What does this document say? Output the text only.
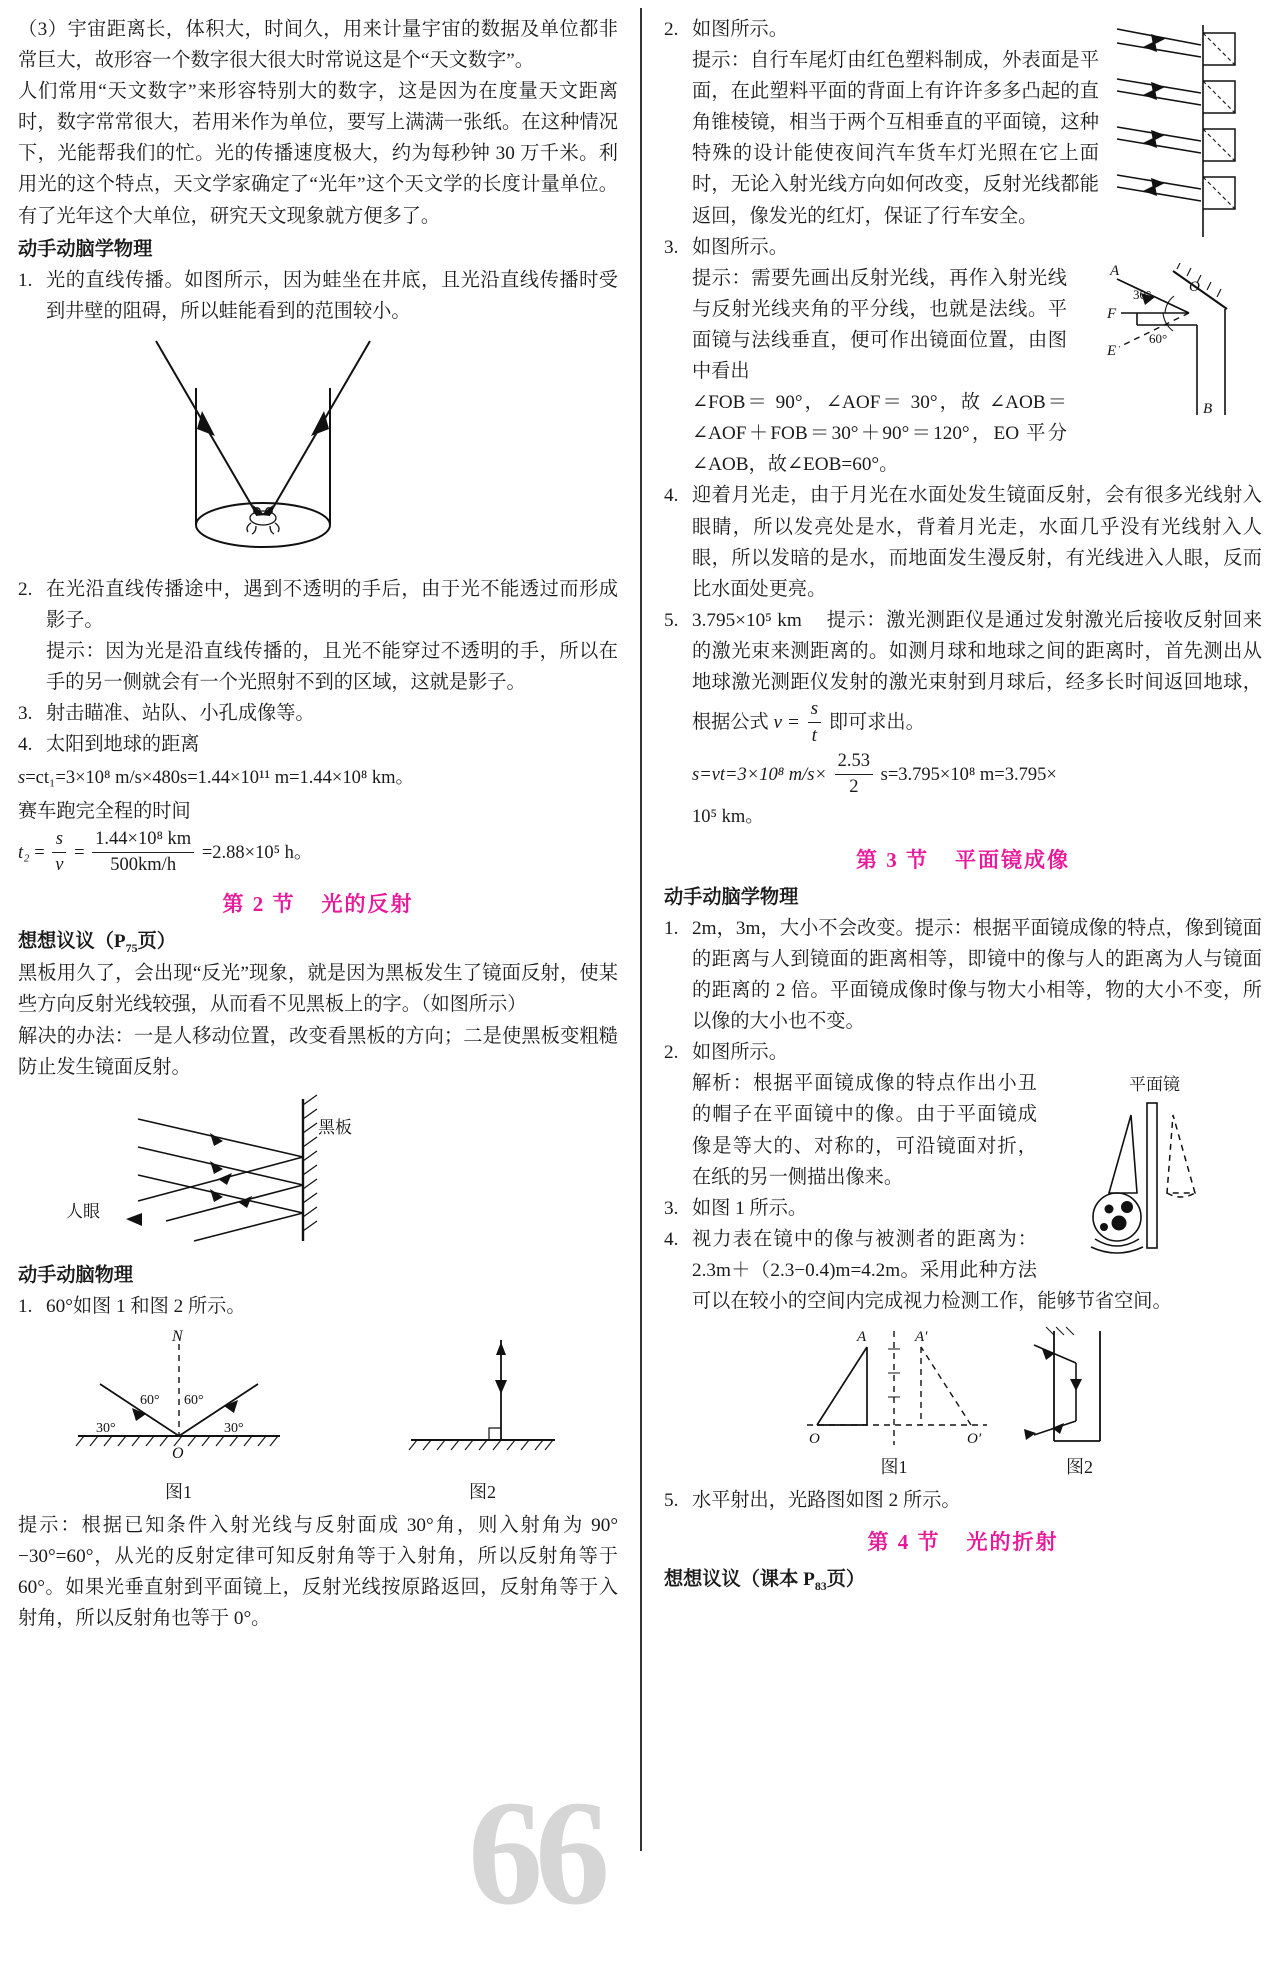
66

（3）宇宙距离长，体积大，时间久，用来计量宇宙的数据及单位都非常巨大，故形容一个数字很大很大时常说这是个“天文数字”。

人们常用“天文数字”来形容特别大的数字，这是因为在度量天文距离时，数字常常很大，若用米作为单位，要写上满满一张纸。在这种情况下，光能帮我们的忙。光的传播速度极大，约为每秒钟 30 万千米。利用光的这个特点，天文学家确定了“光年”这个天文学的长度计量单位。有了光年这个大单位，研究天文现象就方便多了。

动手动脑学物理

1. 光的直线传播。如图所示，因为蛙坐在井底，且光沿直线传播时受到井壁的阻碍，所以蛙能看到的范围较小。

2. 在光沿直线传播途中，遇到不透明的手后，由于光不能透过而形成影子。

提示：因为光是沿直线传播的，且光不能穿过不透明的手，所以在手的另一侧就会有一个光照射不到的区域，这就是影子。

3. 射击瞄准、站队、小孔成像等。

4. 太阳到地球的距离

s=ct₁=3×10⁸ m/s×480s=1.44×10¹¹ m=1.44×10⁸ km。

赛车跑完全程的时间

$t_2 = \frac{s}{v} = \frac{\text{1.44×10⁸ km}}{500km/h} =2.88\times 10^5$ h。
第 2 节 光的反射

想想议议（$P_{75}$页）

黑板用久了，会出现“反光”现象，就是因为黑板发生了镜面反射，使某些方向反射光线较强，从而看不见黑板上的字。（如图所示）

解决的办法：一是人移动位置，改变看黑板的方向；二是使黑板变粗糙防止发生镜面反射。

黑板
人眼

动手动脑物理

1. 60°如图 1 和图 2 所示。

N
O
60° 60°
30°	30°
图1	图2

提示：根据已知条件入射光线与反射面成 30°角，则入射角为 90°−30°=60°，从光的反射定律可知反射角等于入射角，所以反射角等于 60°。如果光垂直射到平面镜上，反射光线按原路返回，反射角等于入射角，所以反射角也等于 0°。

2. 如图所示。

提示：自行车尾灯由红色塑料制成，外表面是平面，在此塑料平面的背面上有许许多多凸起的直角锥棱镜，相当于两个互相垂直的平面镜，这种特殊的设计能使夜间汽车货车灯光照在它上面时，无论入射光线方向如何改变，反射光线都能返回，像发光的红灯，保证了行车安全。

3. 如图所示。

A
O
F
E
B
30°
60°

提示：需要先画出反射光线，再作入射光线与反射光线夹角的平分线，也就是法线。平面镜与法线垂直，便可作出镜面位置，由图中看出

∠FOB＝ 90°，∠AOF＝ 30°，故 ∠AOB＝∠AOF＋FOB＝30°＋90°＝120°，EO 平分∠AOB，故∠EOB=60°。

4. 迎着月光走，由于月光在水面处发生镜面反射，会有很多光线射入眼睛，所以发亮处是水，背着月光走，水面几乎没有光线射入人眼，所以发暗的是水，而地面发生漫反射，有光线进入人眼，反而比水面处更亮。

5. 3.795×10⁵ km 提示：激光测距仪是通过发射激光后接收反射回来的激光束来测距离的。如测月球和地球之间的距离时，首先测出从地球激光测距仪发射的激光束射到月球后，经多长时间返回地球，根据公式 $v = \frac{s}{t}$ 即可求出。

s=vt=3×10⁸ $m/s\times \frac{2.53}{2} s=3.795\times 10^8$ m=3.795×
10⁵ km。
第 3 节 平面镜成像

动手动脑学物理

1. 2m，3m，大小不会改变。提示：根据平面镜成像的特点，像到镜面的距离与人到镜面的距离相等，即镜中的像与人的距离为人与镜面的距离的 2 倍。平面镜成像时像与物大小相等，物的大小不变，所以像的大小也不变。

2. 如图所示。

平面镜

解析：根据平面镜成像的特点作出小丑的帽子在平面镜中的像。由于平面镜成像是等大的、对称的，可沿镜面对折，在纸的另一侧描出像来。

3. 如图 1 所示。

4. 视力表在镜中的像与被测者的距离为：2.3m＋（2.3−0.4)m=4.2m。采用此种方法可以在较小的空间内完成视力检测工作，能够节省空间。

A	A′
O	O′
图1	图2

5. 水平射出，光路图如图 2 所示。

第 4 节 光的折射

想想议议（课本 $P_{83}$页）
